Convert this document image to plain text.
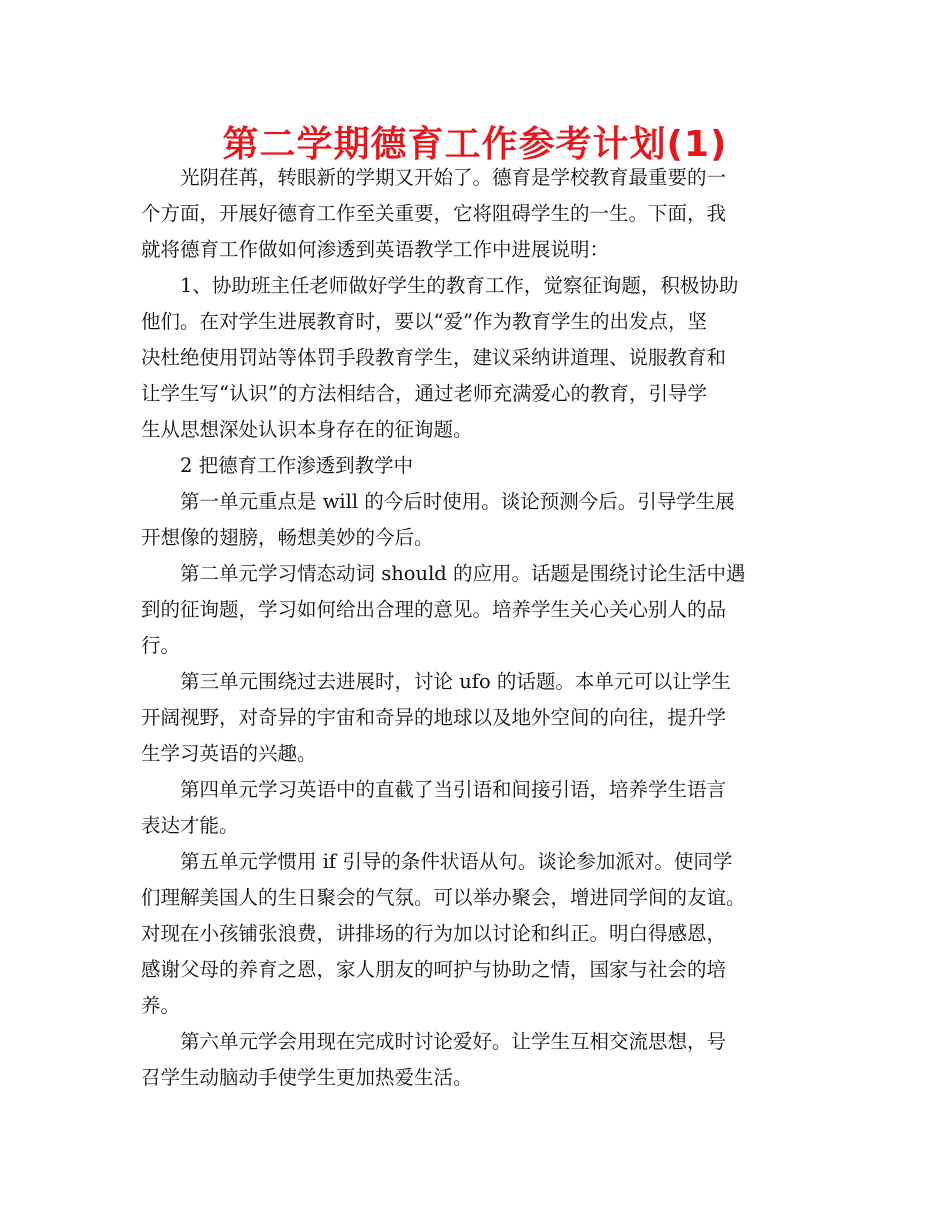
第二学期德育工作参考计划(1)

光阴荏苒，转眼新的学期又开始了。德育是学校教育最重要的一
个方面，开展好德育工作至关重要，它将阻碍学生的一生。下面，我
就将德育工作做如何渗透到英语教学工作中进展说明：

1、协助班主任老师做好学生的教育工作，觉察征询题，积极协助
他们。在对学生进展教育时，要以“爱”作为教育学生的出发点，坚
决杜绝使用罚站等体罚手段教育学生，建议采纳讲道理、说服教育和
让学生写“认识”的方法相结合，通过老师充满爱心的教育，引导学
生从思想深处认识本身存在的征询题。

2 把德育工作渗透到教学中

第一单元重点是 will 的今后时使用。谈论预测今后。引导学生展
开想像的翅膀，畅想美妙的今后。

第二单元学习情态动词 should 的应用。话题是围绕讨论生活中遇
到的征询题，学习如何给出合理的意见。培养学生关心关心别人的品
行。

第三单元围绕过去进展时，讨论 ufo 的话题。本单元可以让学生
开阔视野，对奇异的宇宙和奇异的地球以及地外空间的向往，提升学
生学习英语的兴趣。

第四单元学习英语中的直截了当引语和间接引语，培养学生语言
表达才能。

第五单元学惯用 if 引导的条件状语从句。谈论参加派对。使同学
们理解美国人的生日聚会的气氛。可以举办聚会，增进同学间的友谊。
对现在小孩铺张浪费，讲排场的行为加以讨论和纠正。明白得感恩，
感谢父母的养育之恩，家人朋友的呵护与协助之情，国家与社会的培
养。

第六单元学会用现在完成时讨论爱好。让学生互相交流思想，号
召学生动脑动手使学生更加热爱生活。
